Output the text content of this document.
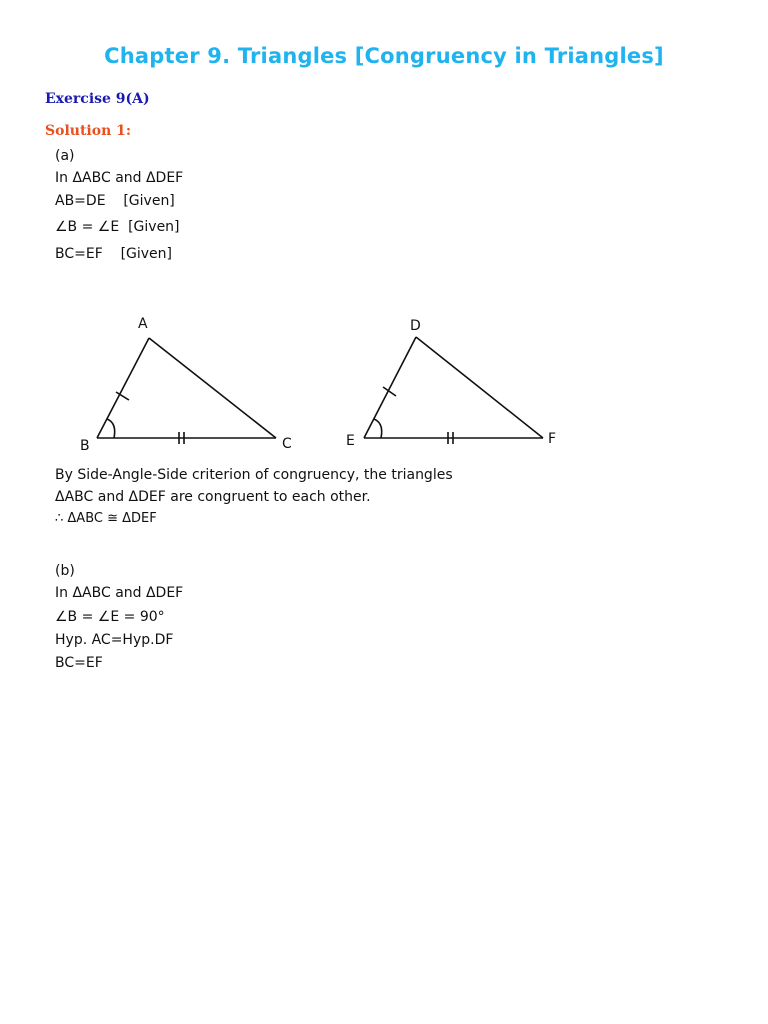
Chapter 9. Triangles [Congruency in Triangles]
Exercise 9(A)
Solution 1:
(a)
In ΔABC and ΔDEF
AB=DE    [Given]
∠B = ∠E  [Given]
BC=EF    [Given]
A
B	C
D
E	F
By Side-Angle-Side criterion of congruency, the triangles
ΔABC and ΔDEF are congruent to each other.
∴ ΔABC ≅ ΔDEF
(b)
In ΔABC and ΔDEF
∠B = ∠E = 90°
Hyp. AC=Hyp.DF
BC=EF
